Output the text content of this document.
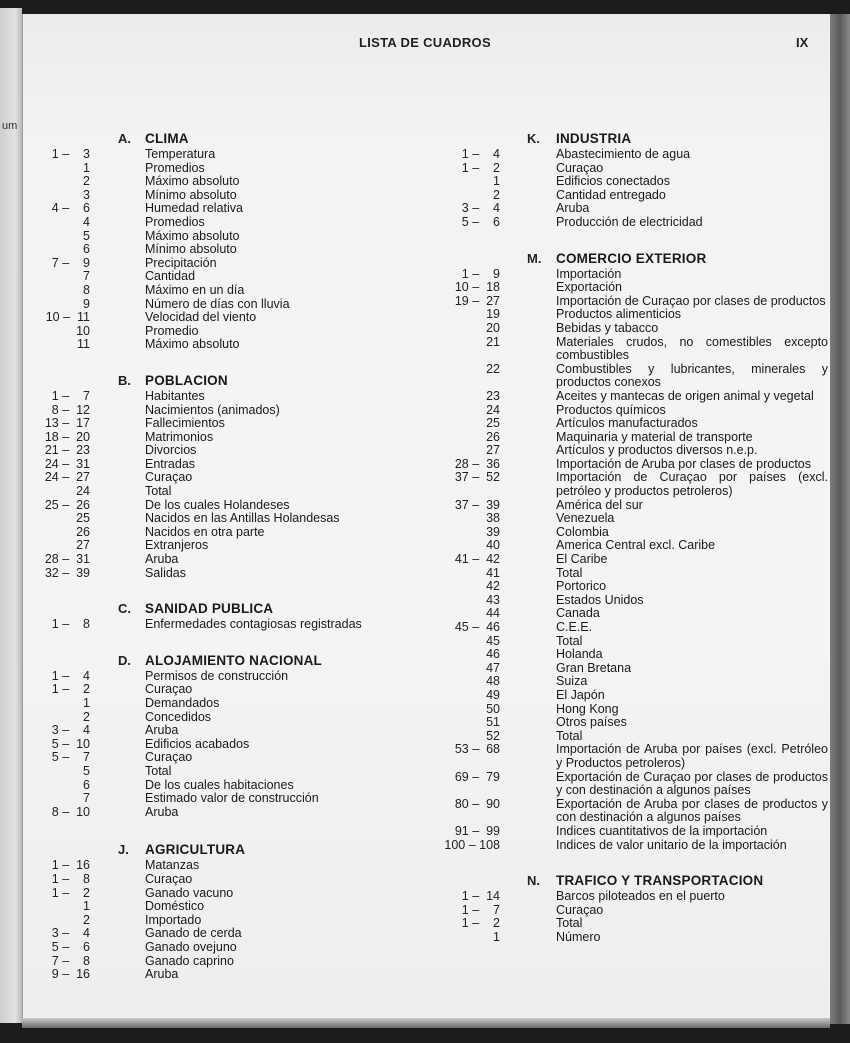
um
LISTA DE CUADROS	IX
A.	CLIMA
1 –    3	Temperatura
1	Promedios
2	Máximo absoluto
3	Mínimo absoluto
4 –    6	Humedad relativa
4	Promedios
5	Máximo absoluto
6	Mínimo absoluto
7 –    9	Precipitación
7	Cantidad
8	Máximo en un día
9	Número de días con lluvia
10 –  11	Velocidad del viento
10	Promedio
11	Máximo absoluto
B.	POBLACION
1 –    7	Habitantes
8 –  12	Nacimientos (animados)
13 –  17	Fallecimientos
18 –  20	Matrimonios
21 –  23	Divorcios
24 –  31	Entradas
24 –  27	Curaçao
24	Total
25 –  26	De los cuales Holandeses
25	Nacidos en las Antillas Holandesas
26	Nacidos en otra parte
27	Extranjeros
28 –  31	Aruba
32 –  39	Salidas
C.	SANIDAD PUBLICA
1 –    8	Enfermedades contagiosas registradas
D.	ALOJAMIENTO NACIONAL
1 –    4	Permisos de construcción
1 –    2	Curaçao
1	Demandados
2	Concedidos
3 –    4	Aruba
5 –  10	Edificios acabados
5 –    7	Curaçao
5	Total
6	De los cuales habitaciones
7	Estimado valor de construcción
8 –  10	Aruba
J.	AGRICULTURA
1 –  16	Matanzas
1 –    8	Curaçao
1 –    2	Ganado vacuno
1	Doméstico
2	Importado
3 –    4	Ganado de cerda
5 –    6	Ganado ovejuno
7 –    8	Ganado caprino
9 –  16	Aruba
K.	INDUSTRIA
1 –    4	Abastecimiento de agua
1 –    2	Curaçao
1	Edificios conectados
2	Cantidad entregado
3 –    4	Aruba
5 –    6	Producción de electricidad
M.	COMERCIO EXTERIOR
1 –    9	Importación
10 –  18	Exportación
19 –  27	Importación de Curaçao por clases de productos
19	Productos alimenticios
20	Bebidas y tabacco
21	Materiales crudos, no comestibles excepto combustibles
22	Combustibles y lubricantes, minerales y productos conexos
23	Aceites y mantecas de origen animal y vegetal
24	Productos químicos
25	Artículos manufacturados
26	Maquinaria y material de transporte
27	Artículos y productos diversos n.e.p.
28 –  36	Importación de Aruba por clases de productos
37 –  52	Importación de Curaçao por países (excl. petróleo y productos petroleros)
37 –  39	América del sur
38	Venezuela
39	Colombia
40	America Central excl. Caribe
41 –  42	El Caribe
41	Total
42	Portorico
43	Estados Unidos
44	Canada
45 –  46	C.E.E.
45	Total
46	Holanda
47	Gran Bretana
48	Suiza
49	El Japón
50	Hong Kong
51	Otros países
52	Total
53 –  68	Importación de Aruba por países (excl. Petróleo y Productos petroleros)
69 –  79	Exportación de Curaçao por clases de productos y con destinación a algunos países
80 –  90	Exportación de Aruba por clases de productos y con destinación a algunos países
91 –  99	Indices cuantitativos de la importación
100 – 108	Indices de valor unitario de la importación
N.	TRAFICO Y TRANSPORTACION
1 –  14	Barcos piloteados en el puerto
1 –    7	Curaçao
1 –    2	Total
1	Número
